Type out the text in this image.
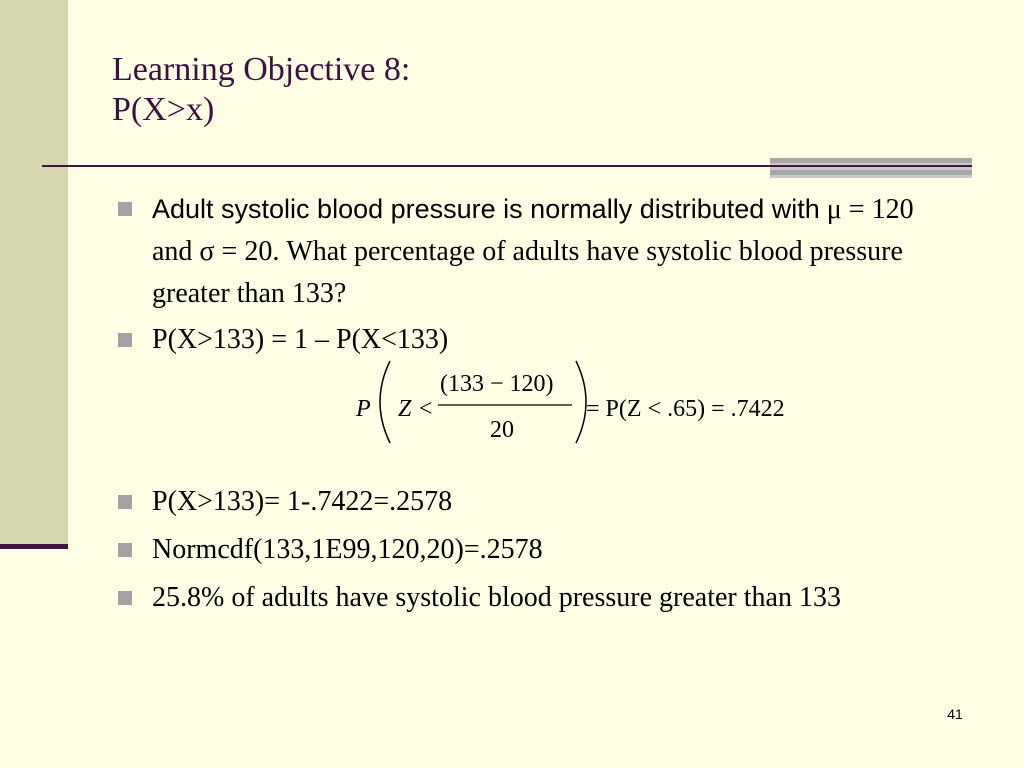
Learning Objective 8:
P(X>x)
Adult systolic blood pressure is normally distributed with μ = 120 and σ = 20. What percentage of adults have systolic blood pressure greater than 133?
P(X>133) = 1 – P(X<133)
P(X>133)= 1-.7422=.2578
Normcdf(133,1E99,120,20)=.2578
25.8% of adults have systolic blood pressure greater than 133
P Z <
(133 − 120)
20
= P(Z < .65) = .7422
41
